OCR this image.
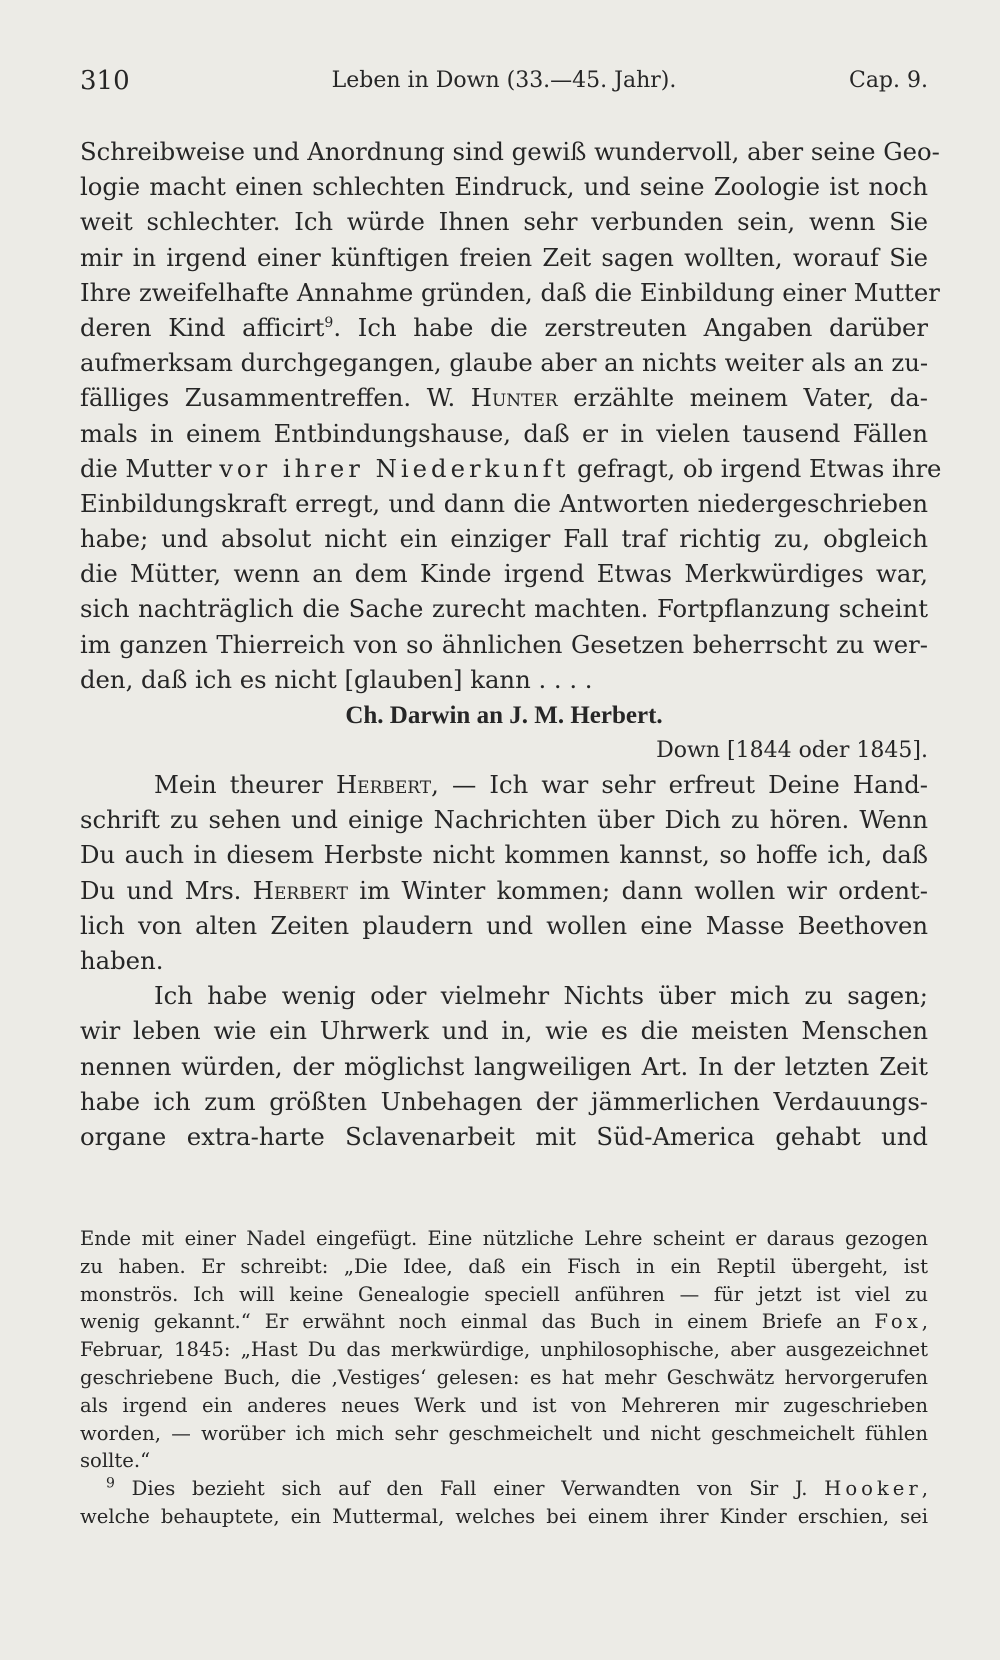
310	Leben in Down (33.—45. Jahr).	Cap. 9.
Schreibweise und Anordnung sind gewiß wundervoll, aber seine Geo-
logie macht einen schlechten Eindruck, und seine Zoologie ist noch
weit schlechter. Ich würde Ihnen sehr verbunden sein, wenn Sie
mir in irgend einer künftigen freien Zeit sagen wollten, worauf Sie
Ihre zweifelhafte Annahme gründen, daß die Einbildung einer Mutter
deren Kind afficirt$^9$. Ich habe die zerstreuten Angaben darüber
aufmerksam durchgegangen, glaube aber an nichts weiter als an zu-
fälliges Zusammentreffen. W. Hunter erzählte meinem Vater, da-
mals in einem Entbindungshause, daß er in vielen tausend Fällen
die Mutter vor ihrer Niederkunft gefragt, ob irgend Etwas ihre
Einbildungskraft erregt, und dann die Antworten niedergeschrieben
habe; und absolut nicht ein einziger Fall traf richtig zu, obgleich
die Mütter, wenn an dem Kinde irgend Etwas Merkwürdiges war,
sich nachträglich die Sache zurecht machten. Fortpflanzung scheint
im ganzen Thierreich von so ähnlichen Gesetzen beherrscht zu wer-
den, daß ich es nicht [glauben] kann . . . .
Ch. Darwin an J. M. Herbert.
Down [1844 oder 1845].
Mein theurer Herbert, — Ich war sehr erfreut Deine Hand-
schrift zu sehen und einige Nachrichten über Dich zu hören. Wenn
Du auch in diesem Herbste nicht kommen kannst, so hoffe ich, daß
Du und Mrs. Herbert im Winter kommen; dann wollen wir ordent-
lich von alten Zeiten plaudern und wollen eine Masse Beethoven
haben.
Ich habe wenig oder vielmehr Nichts über mich zu sagen;
wir leben wie ein Uhrwerk und in, wie es die meisten Menschen
nennen würden, der möglichst langweiligen Art. In der letzten Zeit
habe ich zum größten Unbehagen der jämmerlichen Verdauungs-
organe extra-harte Sclavenarbeit mit Süd-America gehabt und
Ende mit einer Nadel eingefügt. Eine nützliche Lehre scheint er daraus gezogen
zu haben. Er schreibt: „Die Idee, daß ein Fisch in ein Reptil übergeht, ist
monströs. Ich will keine Genealogie speciell anführen — für jetzt ist viel zu
wenig gekannt.“ Er erwähnt noch einmal das Buch in einem Briefe an Fox,
Februar, 1845: „Hast Du das merkwürdige, unphilosophische, aber ausgezeichnet
geschriebene Buch, die ‚Vestiges‘ gelesen: es hat mehr Geschwätz hervorgerufen
als irgend ein anderes neues Werk und ist von Mehreren mir zugeschrieben
worden, — worüber ich mich sehr geschmeichelt und nicht geschmeichelt fühlen
sollte.“
$^9$ Dies bezieht sich auf den Fall einer Verwandten von Sir J. Hooker,
welche behauptete, ein Muttermal, welches bei einem ihrer Kinder erschien, sei
